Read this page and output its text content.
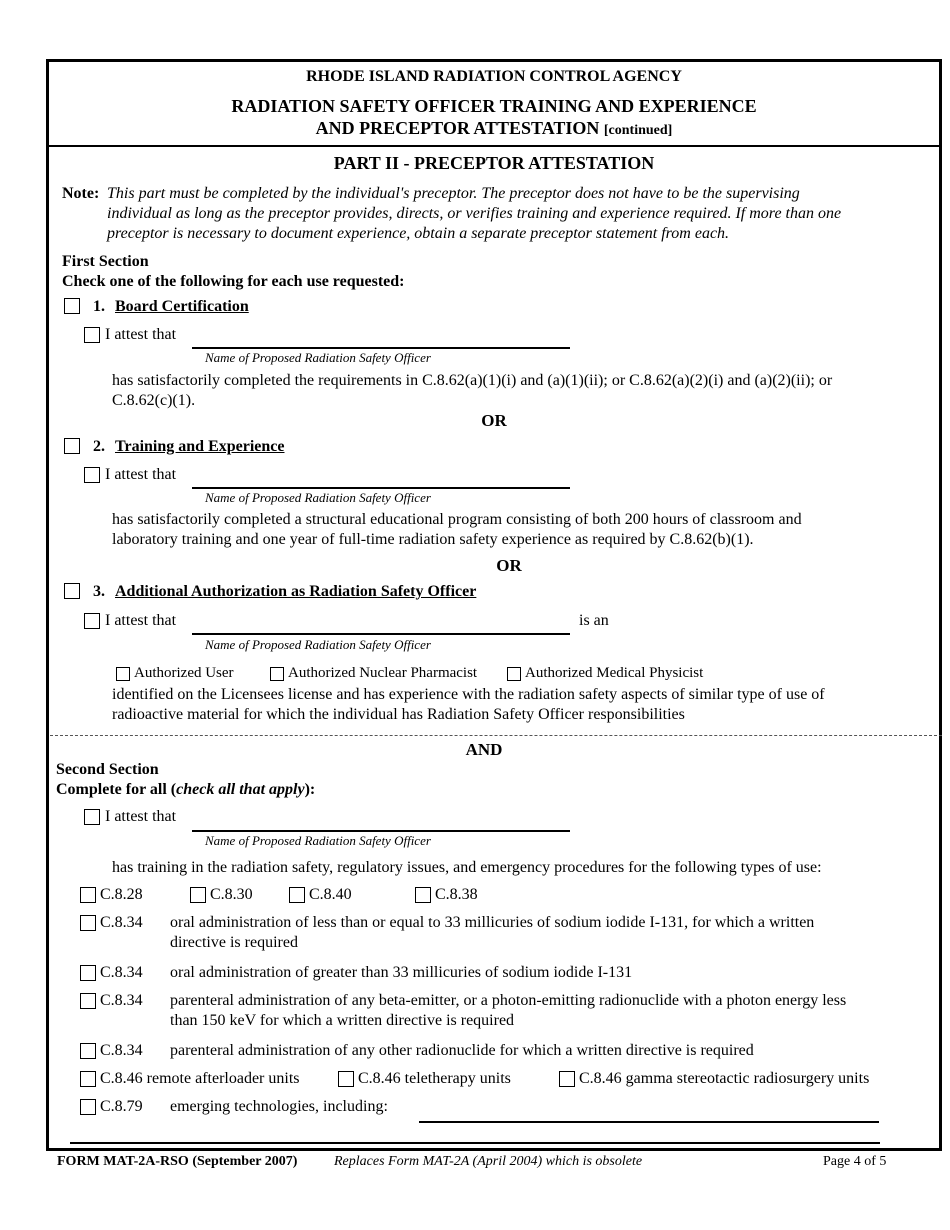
RHODE ISLAND RADIATION CONTROL AGENCY
RADIATION SAFETY OFFICER TRAINING AND EXPERIENCE
AND PRECEPTOR ATTESTATION [continued]
PART II - PRECEPTOR ATTESTATION
Note: This part must be completed by the individual's preceptor. The preceptor does not have to be the supervising
individual as long as the preceptor provides, directs, or verifies training and experience required. If more than one
preceptor is necessary to document experience, obtain a separate preceptor statement from each.
First Section
Check one of the following for each use requested:
1. Board Certification
I attest that
Name of Proposed Radiation Safety Officer
has satisfactorily completed the requirements in C.8.62(a)(1)(i) and (a)(1)(ii); or C.8.62(a)(2)(i) and (a)(2)(ii); or
C.8.62(c)(1).
OR
2. Training and Experience
I attest that
Name of Proposed Radiation Safety Officer
has satisfactorily completed a structural educational program consisting of both 200 hours of classroom and
laboratory training and one year of full-time radiation safety experience as required by C.8.62(b)(1).
OR
3. Additional Authorization as Radiation Safety Officer
I attest that	is an
Name of Proposed Radiation Safety Officer
Authorized User	Authorized Nuclear Pharmacist	Authorized Medical Physicist
identified on the Licensees license and has experience with the radiation safety aspects of similar type of use of
radioactive material for which the individual has Radiation Safety Officer responsibilities
AND
Second Section
Complete for all (check all that apply):
I attest that
Name of Proposed Radiation Safety Officer
has training in the radiation safety, regulatory issues, and emergency procedures for the following types of use:
C.8.28	C.8.30	C.8.40	C.8.38
C.8.34 oral administration of less than or equal to 33 millicuries of sodium iodide I-131, for which a written
directive is required
C.8.34 oral administration of greater than 33 millicuries of sodium iodide I-131
C.8.34 parenteral administration of any beta-emitter, or a photon-emitting radionuclide with a photon energy less
than 150 keV for which a written directive is required
C.8.34 parenteral administration of any other radionuclide for which a written directive is required
C.8.46 remote afterloader units	C.8.46 teletherapy units	C.8.46 gamma stereotactic radiosurgery units
C.8.79 emerging technologies, including:
FORM MAT-2A-RSO (September 2007)	Replaces Form MAT-2A (April 2004) which is obsolete	Page 4 of 5
